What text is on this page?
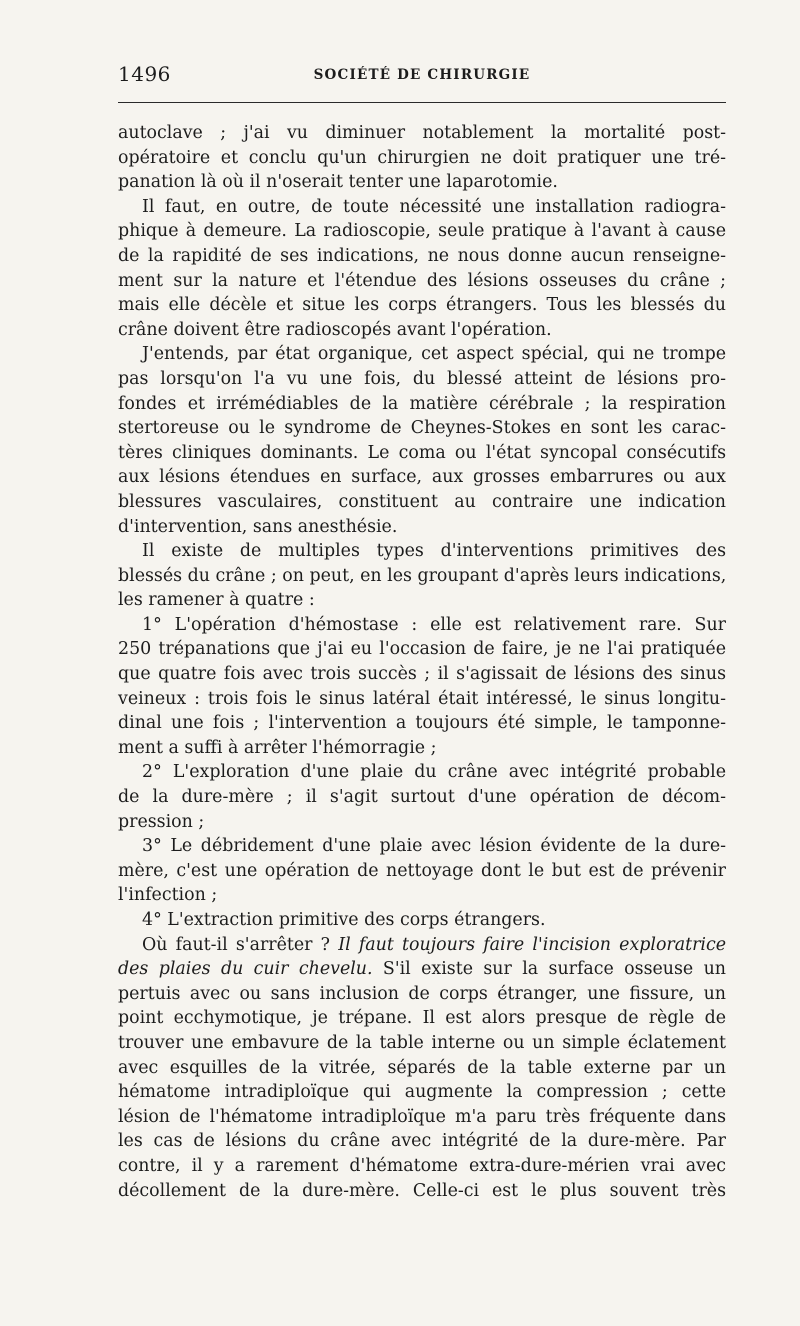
1496	SOCIÉTÉ DE CHIRURGIE
autoclave ; j'ai vu diminuer notablement la mortalité post-
opératoire et conclu qu'un chirurgien ne doit pratiquer une tré-
panation là où il n'oserait tenter une laparotomie.
Il faut, en outre, de toute nécessité une installation radiogra-
phique à demeure. La radioscopie, seule pratique à l'avant à cause
de la rapidité de ses indications, ne nous donne aucun renseigne-
ment sur la nature et l'étendue des lésions osseuses du crâne ;
mais elle décèle et situe les corps étrangers. Tous les blessés du
crâne doivent être radioscopés avant l'opération.
J'entends, par état organique, cet aspect spécial, qui ne trompe
pas lorsqu'on l'a vu une fois, du blessé atteint de lésions pro-
fondes et irrémédiables de la matière cérébrale ; la respiration
stertoreuse ou le syndrome de Cheynes-Stokes en sont les carac-
tères cliniques dominants. Le coma ou l'état syncopal consécutifs
aux lésions étendues en surface, aux grosses embarrures ou aux
blessures vasculaires, constituent au contraire une indication
d'intervention, sans anesthésie.
Il existe de multiples types d'interventions primitives des
blessés du crâne ; on peut, en les groupant d'après leurs indications,
les ramener à quatre :
1° L'opération d'hémostase : elle est relativement rare. Sur
250 trépanations que j'ai eu l'occasion de faire, je ne l'ai pratiquée
que quatre fois avec trois succès ; il s'agissait de lésions des sinus
veineux : trois fois le sinus latéral était intéressé, le sinus longitu-
dinal une fois ; l'intervention a toujours été simple, le tamponne-
ment a suffi à arrêter l'hémorragie ;
2° L'exploration d'une plaie du crâne avec intégrité probable
de la dure-mère ; il s'agit surtout d'une opération de décom-
pression ;
3° Le débridement d'une plaie avec lésion évidente de la dure-
mère, c'est une opération de nettoyage dont le but est de prévenir
l'infection ;
4° L'extraction primitive des corps étrangers.
Où faut-il s'arrêter ? Il faut toujours faire l'incision exploratrice
des plaies du cuir chevelu. S'il existe sur la surface osseuse un
pertuis avec ou sans inclusion de corps étranger, une fissure, un
point ecchymotique, je trépane. Il est alors presque de règle de
trouver une embavure de la table interne ou un simple éclatement
avec esquilles de la vitrée, séparés de la table externe par un
hématome intradiploïque qui augmente la compression ; cette
lésion de l'hématome intradiploïque m'a paru très fréquente dans
les cas de lésions du crâne avec intégrité de la dure-mère. Par
contre, il y a rarement d'hématome extra-dure-mérien vrai avec
décollement de la dure-mère. Celle-ci est le plus souvent très
